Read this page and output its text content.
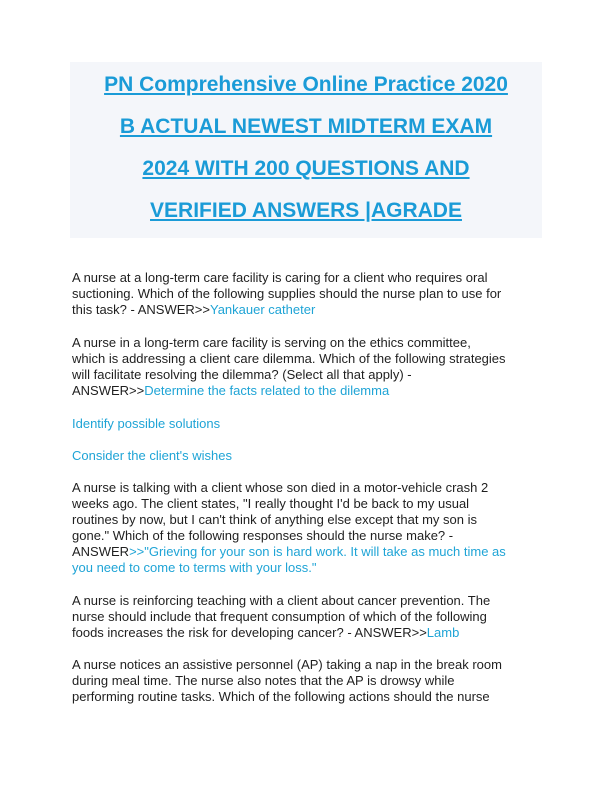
PN Comprehensive Online Practice 2020
B ACTUAL NEWEST MIDTERM EXAM
2024 WITH 200 QUESTIONS AND
VERIFIED ANSWERS |AGRADE
A nurse at a long-term care facility is caring for a client who requires oral
suctioning. Which of the following supplies should the nurse plan to use for
this task? - ANSWER>>Yankauer catheter
A nurse in a long-term care facility is serving on the ethics committee,
which is addressing a client care dilemma. Which of the following strategies
will facilitate resolving the dilemma? (Select all that apply) -
ANSWER>>Determine the facts related to the dilemma
Identify possible solutions
Consider the client's wishes
A nurse is talking with a client whose son died in a motor-vehicle crash 2
weeks ago. The client states, "I really thought I'd be back to my usual
routines by now, but I can't think of anything else except that my son is
gone." Which of the following responses should the nurse make? -
ANSWER>>"Grieving for your son is hard work. It will take as much time as
you need to come to terms with your loss."
A nurse is reinforcing teaching with a client about cancer prevention. The
nurse should include that frequent consumption of which of the following
foods increases the risk for developing cancer? - ANSWER>>Lamb
A nurse notices an assistive personnel (AP) taking a nap in the break room
during meal time. The nurse also notes that the AP is drowsy while
performing routine tasks. Which of the following actions should the nurse
